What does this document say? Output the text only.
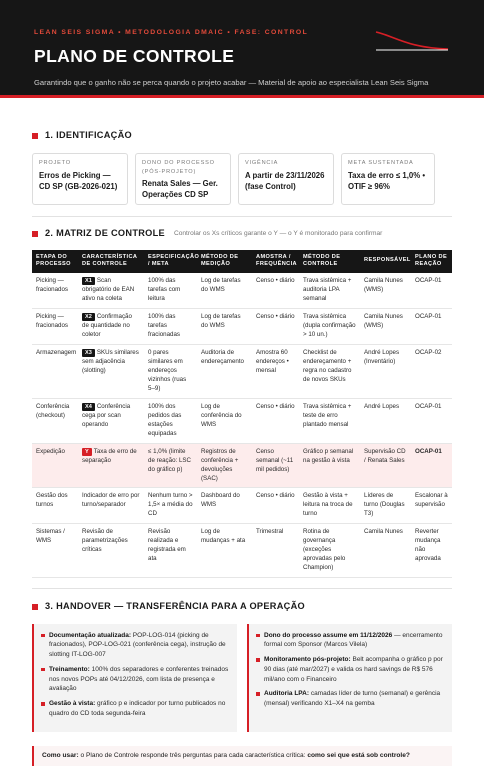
LEAN SEIS SIGMA • METODOLOGIA DMAIC • FASE: CONTROL
PLANO DE CONTROLE
Garantindo que o ganho não se perca quando o projeto acabar — Material de apoio ao especialista Lean Seis Sigma
1. IDENTIFICAÇÃO
PROJETO
Erros de Picking — CD SP (GB-2026-021)
DONO DO PROCESSO (PÓS-PROJETO)
Renata Sales — Ger. Operações CD SP
VIGÊNCIA
A partir de 23/11/2026 (fase Control)
META SUSTENTADA
Taxa de erro ≤ 1,0% • OTIF ≥ 96%
2. MATRIZ DE CONTROLE Controlar os Xs críticos garante o Y — o Y é monitorado para confirmar
ETAPA DO PROCESSO	CARACTERÍSTICA DE CONTROLE	ESPECIFICAÇÃO / META	MÉTODO DE MEDIÇÃO	AMOSTRA / FREQUÊNCIA	MÉTODO DE CONTROLE	RESPONSÁVEL	PLANO DE REAÇÃO
Picking — fracionados	X1 Scan obrigatório de EAN ativo na coleta	100% das tarefas com leitura	Log de tarefas do WMS	Censo • diário	Trava sistêmica + auditoria LPA semanal	Camila Nunes (WMS)	OCAP-01
Picking — fracionados	X2 Confirmação de quantidade no coletor	100% das tarefas fracionadas	Log de tarefas do WMS	Censo • diário	Trava sistêmica (dupla confirmação > 10 un.)	Camila Nunes (WMS)	OCAP-01
Armazenagem	X3 SKUs similares sem adjacência (slotting)	0 pares similares em endereços vizinhos (ruas 5–9)	Auditoria de endereçamento	Amostra 60 endereços • mensal	Checklist de endereçamento + regra no cadastro de novos SKUs	André Lopes (Inventário)	OCAP-02
Conferência (checkout)	X4 Conferência cega por scan operando	100% dos pedidos das estações equipadas	Log de conferência do WMS	Censo • diário	Trava sistêmica + teste de erro plantado mensal	André Lopes	OCAP-01
Expedição	Y Taxa de erro de separação	≤ 1,0% (limite de reação: LSC do gráfico p)	Registros de conferência + devoluções (SAC)	Censo semanal (~11 mil pedidos)	Gráfico p semanal na gestão à vista	Supervisão CD / Renata Sales	OCAP-01
Gestão dos turnos	Indicador de erro por turno/separador	Nenhum turno > 1,5× a média do CD	Dashboard do WMS	Censo • diário	Gestão à vista + leitura na troca de turno	Líderes de turno (Douglas T3)	Escalonar à supervisão
Sistemas / WMS	Revisão de parametrizações críticas	Revisão realizada e registrada em ata	Log de mudanças + ata	Trimestral	Rotina de governança (exceções aprovadas pelo Champion)	Camila Nunes	Reverter mudança não aprovada
3. HANDOVER — TRANSFERÊNCIA PARA A OPERAÇÃO
Documentação atualizada: POP-LOG-014 (picking de fracionados), POP-LOG-021 (conferência cega), instrução de slotting IT-LOG-007
Treinamento: 100% dos separadores e conferentes treinados nos novos POPs até 04/12/2026, com lista de presença e avaliação
Gestão à vista: gráfico p e indicador por turno publicados no quadro do CD toda segunda-feira
Dono do processo assume em 11/12/2026 — encerramento formal com Sponsor (Marcos Vilela)
Monitoramento pós-projeto: Belt acompanha o gráfico p por 90 dias (até mar/2027) e valida os hard savings de R$ 576 mil/ano com o Financeiro
Auditoria LPA: camadas líder de turno (semanal) e gerência (mensal) verificando X1–X4 na gemba
Como usar: o Plano de Controle responde três perguntas para cada característica crítica: como sei que está sob controle?
